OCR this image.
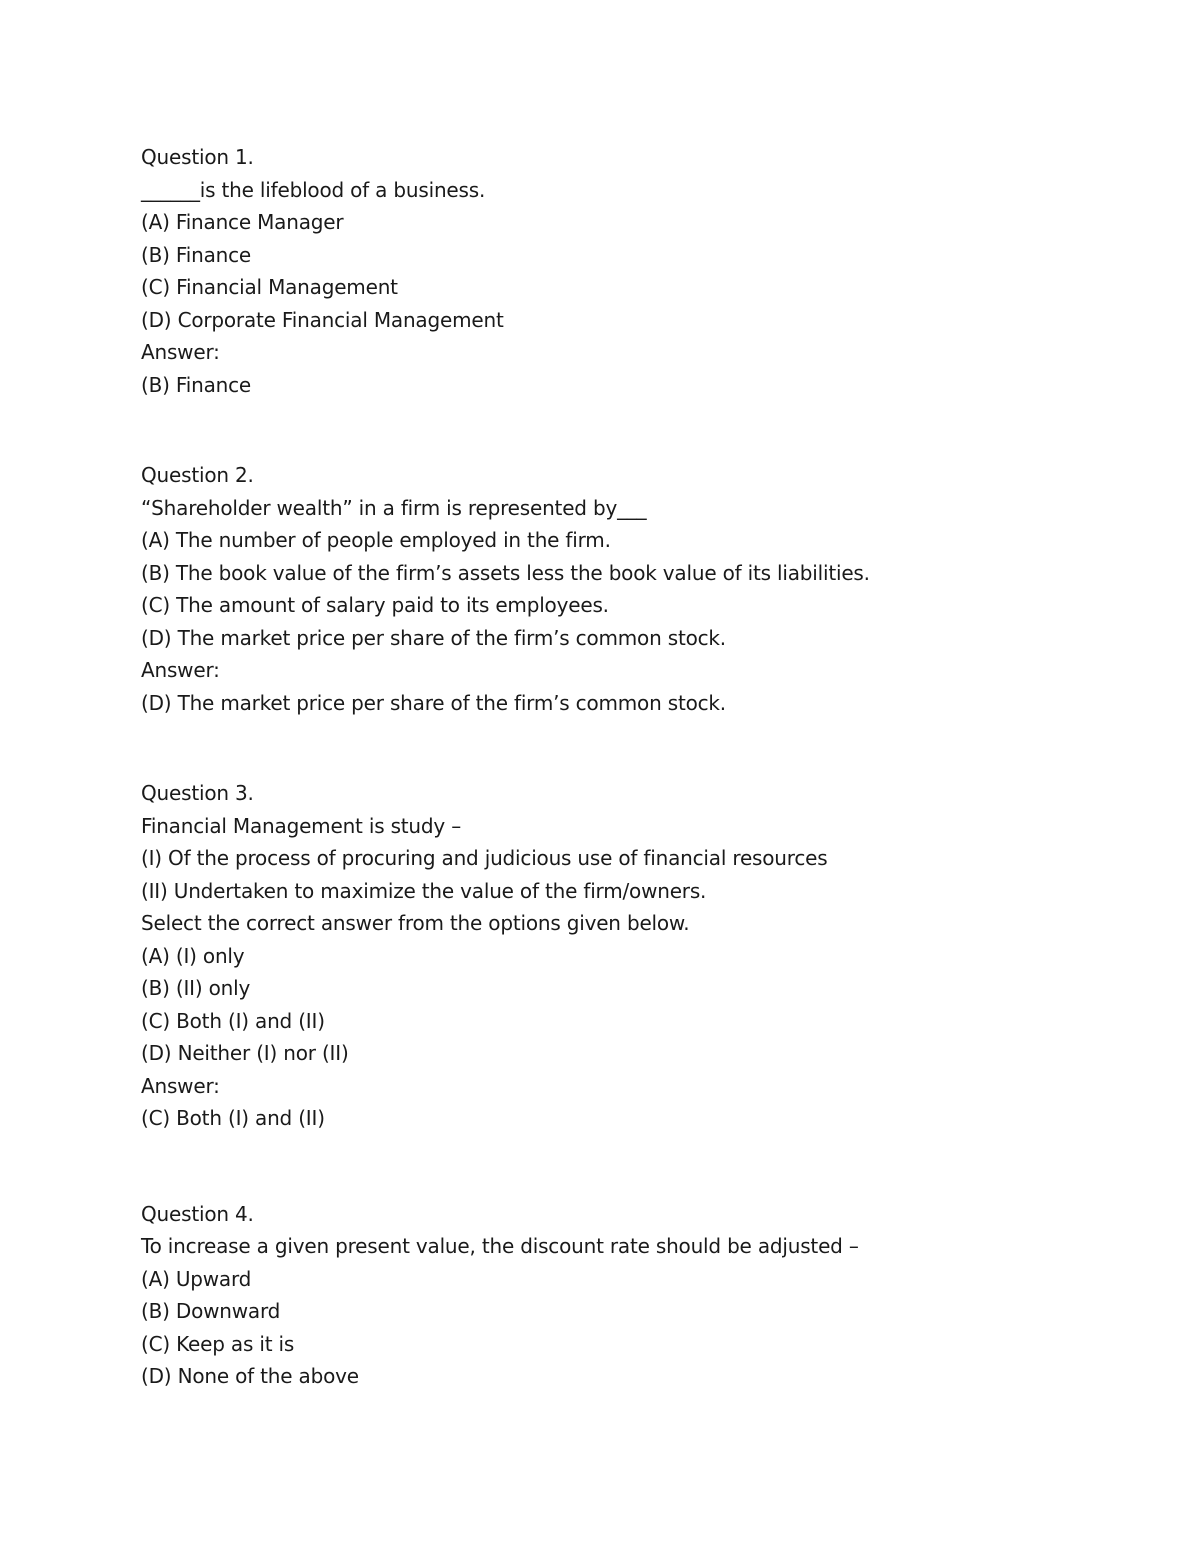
Question 1.
______is the lifeblood of a business.
(A) Finance Manager
(B) Finance
(C) Financial Management
(D) Corporate Financial Management
Answer:
(B) Finance
Question 2.
“Shareholder wealth” in a firm is represented by___
(A) The number of people employed in the firm.
(B) The book value of the firm’s assets less the book value of its liabilities.
(C) The amount of salary paid to its employees.
(D) The market price per share of the firm’s common stock.
Answer:
(D) The market price per share of the firm’s common stock.
Question 3.
Financial Management is study –
(I) Of the process of procuring and judicious use of financial resources
(II) Undertaken to maximize the value of the firm/owners.
Select the correct answer from the options given below.
(A) (I) only
(B) (II) only
(C) Both (I) and (II)
(D) Neither (I) nor (II)
Answer:
(C) Both (I) and (II)
Question 4.
To increase a given present value, the discount rate should be adjusted –
(A) Upward
(B) Downward
(C) Keep as it is
(D) None of the above
